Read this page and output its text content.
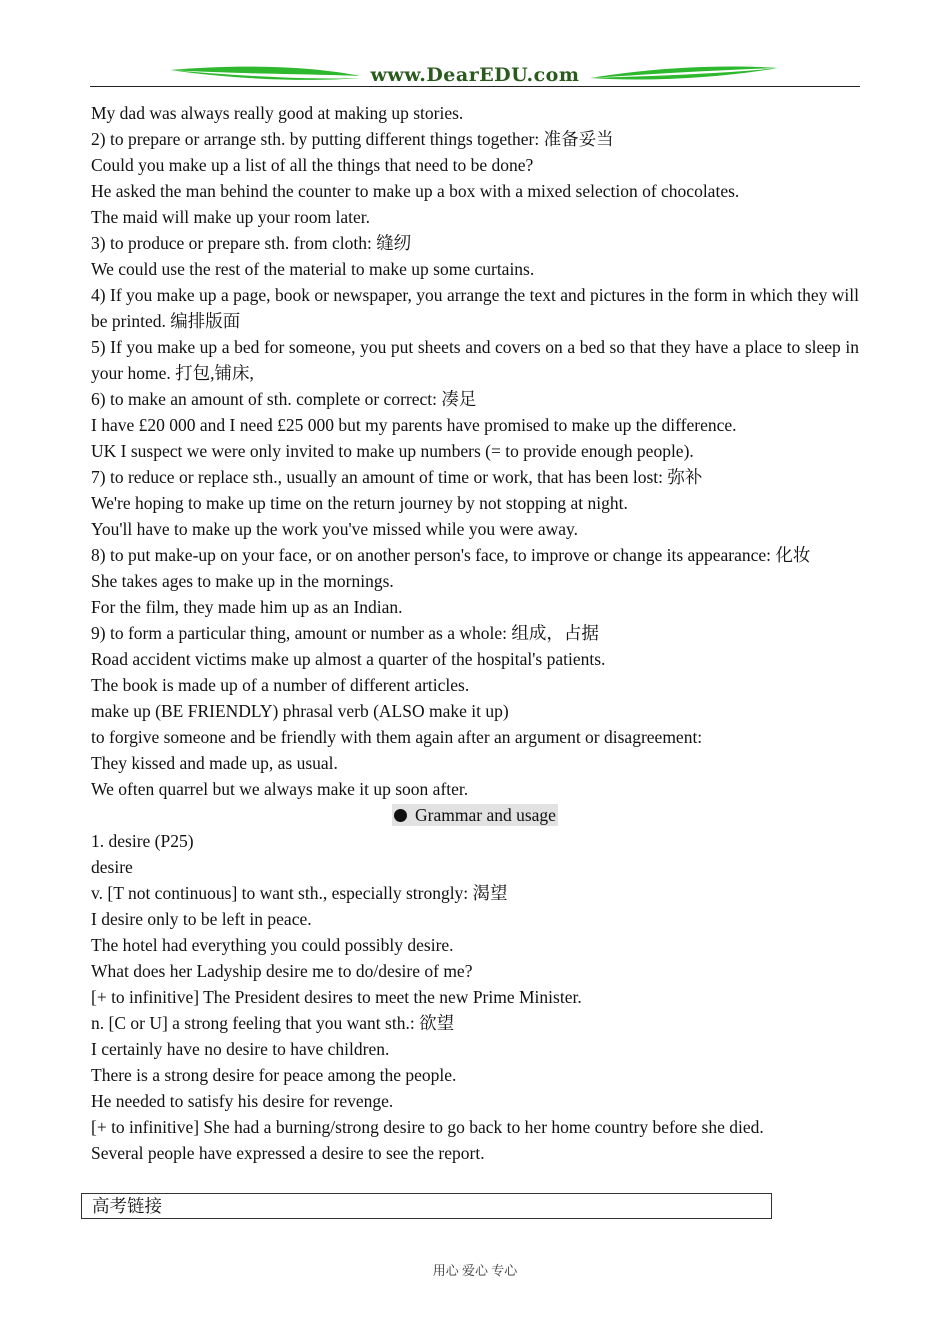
www.DearEDU.com
My dad was always really good at making up stories.
2) to prepare or arrange sth. by putting different things together: 准备妥当
Could you make up a list of all the things that need to be done?
He asked the man behind the counter to make up a box with a mixed selection of chocolates.
The maid will make up your room later.
3) to produce or prepare sth. from cloth: 缝纫
We could use the rest of the material to make up some curtains.
4) If you make up a page, book or newspaper, you arrange the text and pictures in the form in which they will be printed. 编排版面
5) If you make up a bed for someone, you put sheets and covers on a bed so that they have a place to sleep in your home. 打包,铺床,
6) to make an amount of sth. complete or correct: 凑足
I have £20 000 and I need £25 000 but my parents have promised to make up the difference.
UK I suspect we were only invited to make up numbers (= to provide enough people).
7) to reduce or replace sth., usually an amount of time or work, that has been lost: 弥补
We're hoping to make up time on the return journey by not stopping at night.
You'll have to make up the work you've missed while you were away.
8) to put make-up on your face, or on another person's face, to improve or change its appearance: 化妆
She takes ages to make up in the mornings.
For the film, they made him up as an Indian.
9) to form a particular thing, amount or number as a whole: 组成，占据
Road accident victims make up almost a quarter of the hospital's patients.
The book is made up of a number of different articles.
make up (BE FRIENDLY) phrasal verb (ALSO make it up)
to forgive someone and be friendly with them again after an argument or disagreement:
They kissed and made up, as usual.
We often quarrel but we always make it up soon after.
Grammar and usage
1. desire (P25)
desire
v. [T not continuous] to want sth., especially strongly: 渴望
I desire only to be left in peace.
The hotel had everything you could possibly desire.
What does her Ladyship desire me to do/desire of me?
[+ to infinitive] The President desires to meet the new Prime Minister.
n. [C or U] a strong feeling that you want sth.: 欲望
I certainly have no desire to have children.
There is a strong desire for peace among the people.
He needed to satisfy his desire for revenge.
[+ to infinitive] She had a burning/strong desire to go back to her home country before she died.
Several people have expressed a desire to see the report.
高考链接
用心 爱心 专心
